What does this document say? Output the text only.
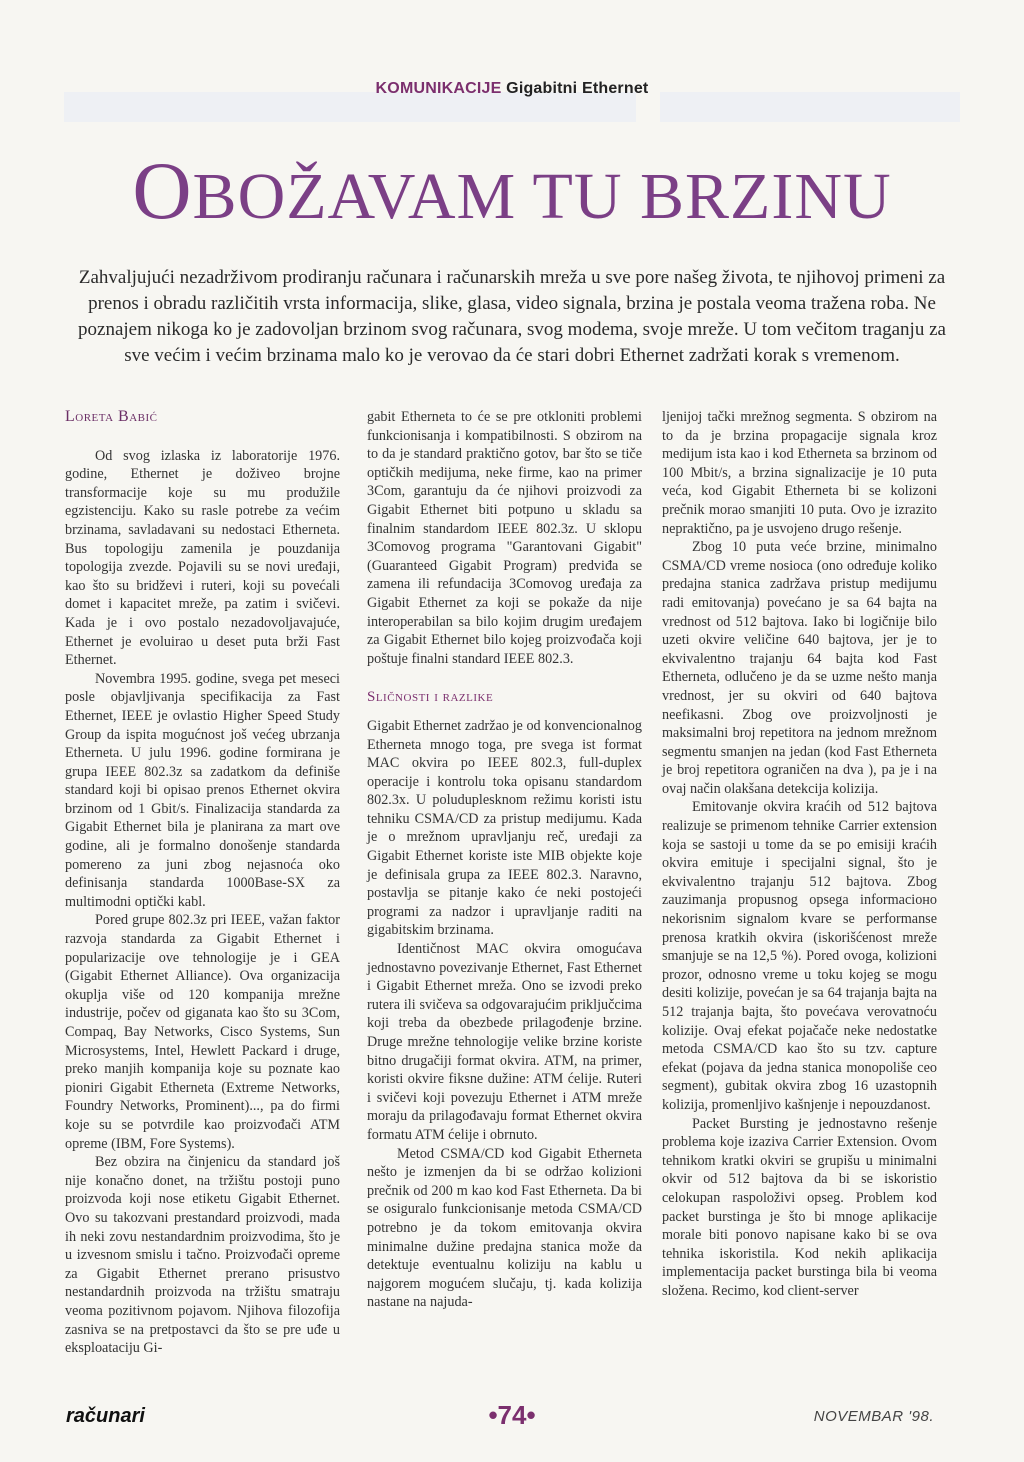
KOMUNIKACIJE Gigabitni Ethernet
OBOŽAVAM TU BRZINU
Zahvaljujući nezadrživom prodiranju računara i računarskih mreža u sve pore našeg života, te njihovoj primeni za prenos i obradu različitih vrsta informacija, slike, glasa, video signala, brzina je postala veoma tražena roba. Ne poznajem nikoga ko je zadovoljan brzinom svog računara, svog modema, svoje mreže. U tom večitom traganju za sve većim i većim brzinama malo ko je verovao da će stari dobri Ethernet zadržati korak s vremenom.

Loreta Babić

Od svog izlaska iz laboratorije 1976. godine, Ethernet je doživeo brojne transformacije koje su mu produžile egzistenciju. Kako su rasle potrebe za većim brzinama, savladavani su nedostaci Etherneta. Bus topologiju zamenila je pouzdanija topologija zvezde. Pojavili su se novi uređaji, kao što su bridževi i ruteri, koji su povećali domet i kapacitet mreže, pa zatim i svičevi. Kada je i ovo postalo nezadovoljavajuće, Ethernet je evoluirao u deset puta brži Fast Ethernet.

Novembra 1995. godine, svega pet meseci posle objavljivanja specifikacija za Fast Ethernet, IEEE je ovlastio Higher Speed Study Group da ispita mogućnost još većeg ubrzanja Etherneta. U julu 1996. godine formirana je grupa IEEE 802.3z sa zadatkom da definiše standard koji bi opisao prenos Ethernet okvira brzinom od 1 Gbit/s. Finalizacija standarda za Gigabit Ethernet bila je planirana za mart ove godine, ali je formalno donošenje standarda pomereno za juni zbog nejasnoća oko definisanja standarda 1000Base-SX za multimodni optički kabl.

Pored grupe 802.3z pri IEEE, važan faktor razvoja standarda za Gigabit Ethernet i popularizacije ove tehnologije je i GEA (Gigabit Ethernet Alliance). Ova organizacija okuplja više od 120 kompanija mrežne industrije, počev od giganata kao što su 3Com, Compaq, Bay Networks, Cisco Systems, Sun Microsystems, Intel, Hewlett Packard i druge, preko manjih kompanija koje su poznate kao pioniri Gigabit Etherneta (Extreme Networks, Foundry Networks, Prominent)..., pa do firmi koje su se potvrdile kao proizvođači ATM opreme (IBM, Fore Systems).

Bez obzira na činjenicu da standard još nije konačno donet, na tržištu postoji puno proizvoda koji nose etiketu Gigabit Ethernet. Ovo su takozvani prestandard proizvodi, mada ih neki zovu nestandardnim proizvodima, što je u izvesnom smislu i tačno. Proizvođači opreme za Gigabit Ethernet prerano prisustvo nestandardnih proizvoda na tržištu smatraju veoma pozitivnom pojavom. Njihova filozofija zasniva se na pretpostavci da što se pre uđe u eksploataciju Gi-

gabit Etherneta to će se pre otkloniti problemi funkcionisanja i kompatibilnosti. S obzirom na to da je standard praktično gotov, bar što se tiče optičkih medijuma, neke firme, kao na primer 3Com, garantuju da će njihovi proizvodi za Gigabit Ethernet biti potpuno u skladu sa finalnim standardom IEEE 802.3z. U sklopu 3Comovog programa "Garantovani Gigabit" (Guaranteed Gigabit Program) predviđa se zamena ili refundacija 3Comovog uređaja za Gigabit Ethernet za koji se pokaže da nije interoperabilan sa bilo kojim drugim uređajem za Gigabit Ethernet bilo kojeg proizvođača koji poštuje finalni standard IEEE 802.3.

Sličnosti i razlike

Gigabit Ethernet zadržao je od konvencionalnog Etherneta mnogo toga, pre svega ist format MAC okvira po IEEE 802.3, full-duplex operacije i kontrolu toka opisanu standardom 802.3x. U poluduplesknom režimu koristi istu tehniku CSMA/CD za pristup medijumu. Kada je o mrežnom upravljanju reč, uređaji za Gigabit Ethernet koriste iste MIB objekte koje je definisala grupa za IEEE 802.3. Naravno, postavlja se pitanje kako će neki postojeći programi za nadzor i upravljanje raditi na gigabitskim brzinama.

Identičnost MAC okvira omogućava jednostavno povezivanje Ethernet, Fast Ethernet i Gigabit Ethernet mreža. Ono se izvodi preko rutera ili svičeva sa odgovarajućim priključcima koji treba da obezbede prilagođenje brzine. Druge mrežne tehnologije velike brzine koriste bitno drugačiji format okvira. ATM, na primer, koristi okvire fiksne dužine: ATM ćelije. Ruteri i svičevi koji povezuju Ethernet i ATM mreže moraju da prilagođavaju format Ethernet okvira formatu ATM ćelije i obrnuto.

Metod CSMA/CD kod Gigabit Etherneta nešto je izmenjen da bi se održao kolizioni prečnik od 200 m kao kod Fast Etherneta. Da bi se osiguralo funkcionisanje metoda CSMA/CD potrebno je da tokom emitovanja okvira minimalne dužine predajna stanica može da detektuje eventualnu koliziju na kablu u najgorem mogućem slučaju, tj. kada kolizija nastane na najuda-

ljenijoj tački mrežnog segmenta. S obzirom na to da je brzina propagacije signala kroz medijum ista kao i kod Etherneta sa brzinom od 100 Mbit/s, a brzina signalizacije je 10 puta veća, kod Gigabit Etherneta bi se kolizoni prečnik morao smanjiti 10 puta. Ovo je izrazito nepraktično, pa je usvojeno drugo rešenje.

Zbog 10 puta veće brzine, minimalno CSMA/CD vreme nosioca (ono određuje koliko predajna stanica zadržava pristup medijumu radi emitovanja) povećano je sa 64 bajta na vrednost od 512 bajtova. Iako bi logičnije bilo uzeti okvire veličine 640 bajtova, jer je to ekvivalentno trajanju 64 bajta kod Fast Etherneta, odlučeno je da se uzme nešto manja vrednost, jer su okviri od 640 bajtova neefikasni. Zbog ove proizvoljnosti je maksimalni broj repetitora na jednom mrežnom segmentu smanjen na jedan (kod Fast Etherneta je broj repetitora ograničen na dva ), pa je i na ovaj način olakšana detekcija kolizija.

Emitovanje okvira kraćih od 512 bajtova realizuje se primenom tehnike Carrier extension koja se sastoji u tome da se po emisiji kraćih okvira emituje i specijalni signal, što je ekvivalentno trajanju 512 bajtova. Zbog zauzimanja propusnog opsega informacioно nekorisnim signalom kvare se performanse prenosa kratkih okvira (iskorišćenost mreže smanjuje se na 12,5 %). Pored ovoga, kolizioni prozor, odnosno vreme u toku kojeg se mogu desiti kolizije, povećan je sa 64 trajanja bajta na 512 trajanja bajta, što povećava verovatnoću kolizije. Ovaj efekat pojačače neke nedostatke metoda CSMA/CD kao što su tzv. capture efekat (pojava da jedna stanica monopoliše ceo segment), gubitak okvira zbog 16 uzastopnih kolizija, promenljivo kašnjenje i nepouzdanost.

Packet Bursting je jednostavno rešenje problema koje izaziva Carrier Extension. Ovom tehnikom kratki okviri se grupišu u minimalni okvir od 512 bajtova da bi se iskoristio celokupan raspoloživi opseg. Problem kod packet burstinga je što bi mnoge aplikacije morale biti ponovo napisane kako bi se ova tehnika iskoristila. Kod nekih aplikacija implementacija packet burstinga bila bi veoma složena. Recimo, kod client-server

računari	•74•	NOVEMBAR '98.
